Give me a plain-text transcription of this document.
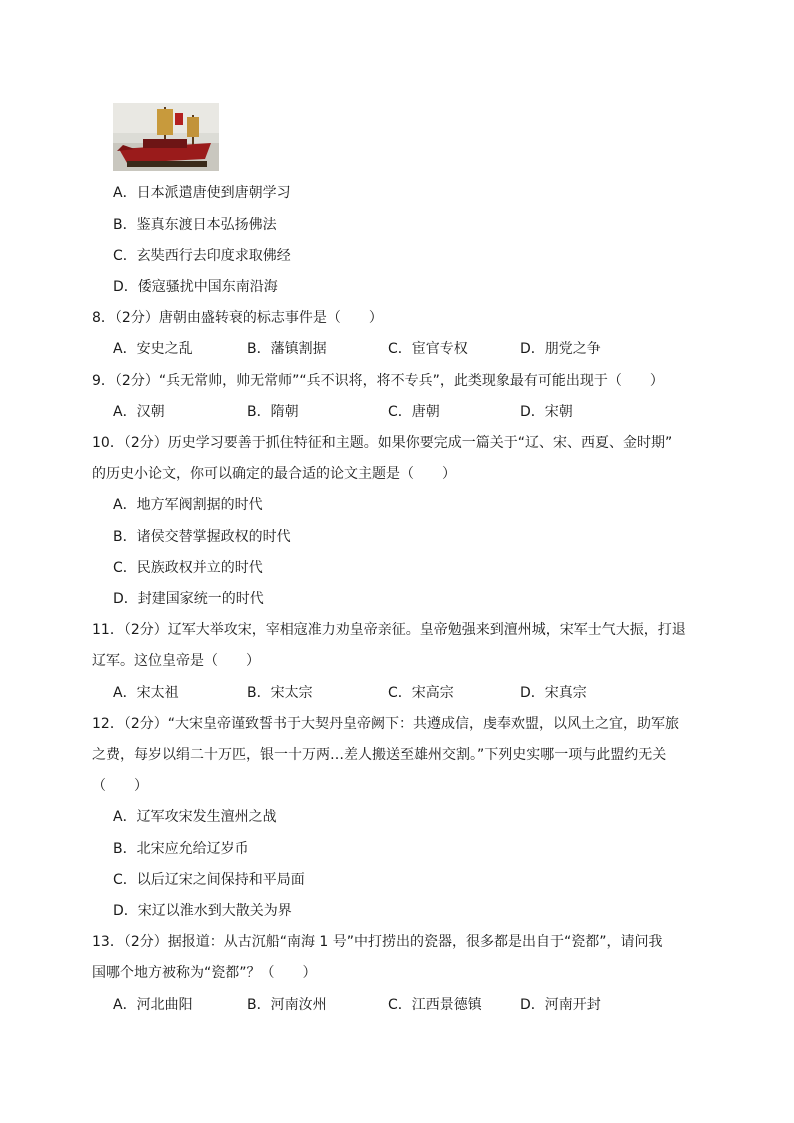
A．日本派遣唐使到唐朝学习
B．鉴真东渡日本弘扬佛法
C．玄奘西行去印度求取佛经
D．倭寇骚扰中国东南沿海
8．（2分）唐朝由盛转衰的标志事件是（　　）
A．安史之乱	B．藩镇割据	C．宦官专权	D．朋党之争
9．（2分）“兵无常帅，帅无常师”“兵不识将，将不专兵”，此类现象最有可能出现于（　　）
A．汉朝	B．隋朝	C．唐朝	D．宋朝
10．（2分）历史学习要善于抓住特征和主题。如果你要完成一篇关于“辽、宋、西夏、金时期”
的历史小论文，你可以确定的最合适的论文主题是（　　）
A．地方军阀割据的时代
B．诸侯交替掌握政权的时代
C．民族政权并立的时代
D．封建国家统一的时代
11．（2分）辽军大举攻宋，宰相寇准力劝皇帝亲征。皇帝勉强来到澶州城，宋军士气大振，打退
辽军。这位皇帝是（　　）
A．宋太祖	B．宋太宗	C．宋高宗	D．宋真宗
12．（2分）“大宋皇帝谨致誓书于大契丹皇帝阙下：共遵成信，虔奉欢盟，以风土之宜，助军旅
之费，每岁以绢二十万匹，银一十万两…差人搬送至雄州交割。”下列史实哪一项与此盟约无关
（　　）
A．辽军攻宋发生澶州之战
B．北宋应允给辽岁币
C．以后辽宋之间保持和平局面
D．宋辽以淮水到大散关为界
13．（2分）据报道：从古沉船“南海 1 号”中打捞出的瓷器，很多都是出自于“瓷都”，请问我
国哪个地方被称为“瓷都”？（　　）
A．河北曲阳	B．河南汝州	C．江西景德镇	D．河南开封
